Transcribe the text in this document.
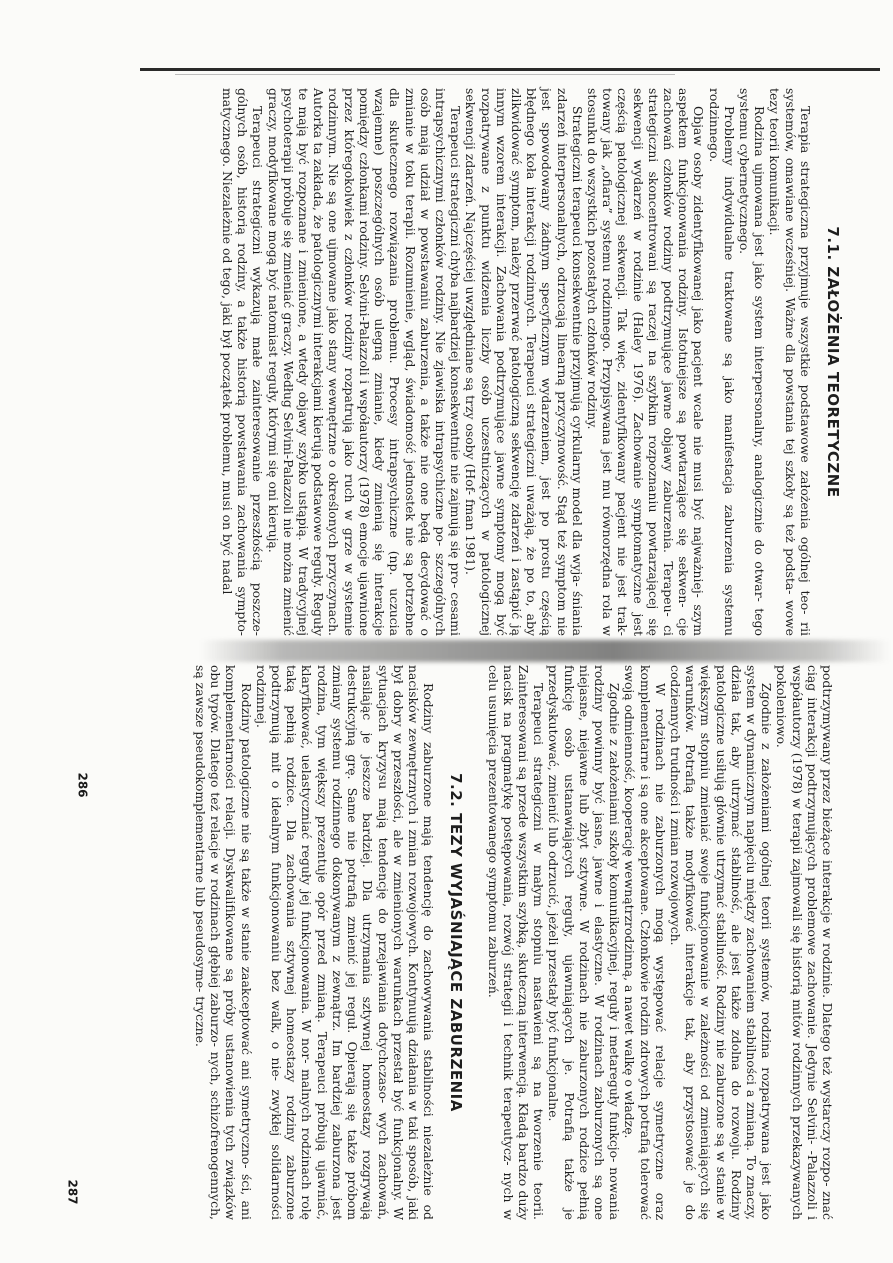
7.1. ZAŁOŻENIA TEORETYCZNE

Terapia strategiczna przyjmuje wszystkie podstawowe założenia ogólnej teo- rii systemów, omawiane wcześniej. Ważne dla powstania tej szkoły są też podsta- wowe tezy teorii komunikacji.

Rodzina ujmowana jest jako system interpersonalny, analogicznie do otwar- tego systemu cybernetycznego.

Problemy indywidualne traktowane są jako manifestacja zaburzenia systemu rodzinnego.

Objaw osoby zidentyfikowanej jako pacjent wcale nie musi być najważniej- szym aspektem funkcjonowania rodziny. Istotniejsze są powtarzające się sekwen- cje zachowań członków rodziny podtrzymujące jawne objawy zaburzenia. Terapeu- ci strategiczni skoncentrowani są raczej na szybkim rozpoznaniu powtarzającej się sekwencji wydarzeń w rodzinie (Haley 1976). Zachowanie symptomatyczne jest częścią patologicznej sekwencji. Tak więc, zidentyfikowany pacjent nie jest trak- towany jak „ofiara” systemu rodzinnego. Przypisywana jest mu równorzędna rola w stosunku do wszystkich pozostałych członków rodziny.

Strategiczni terapeuci konsekwentnie przyjmują cyrkularny model dla wyja- śniania zdarzeń interpersonalnych, odrzucają linearną przyczynowość. Stąd też symptom nie jest spowodowany żadnym specyficznym wydarzeniem, jest po prostu częścią błędnego koła interakcji rodzinnych. Terapeuci strategiczni uważają, że po to, aby zlikwidować symptom, należy przerwać patologiczną sekwencję zdarzeń i zastąpić ją innym wzorem interakcji. Zachowania podtrzymujące jawne symptomy mogą być rozpatrywane z punktu widzenia liczby osób uczestniczących w patologicznej sekwencji zdarzeń. Najczęściej uwzględniane są trzy osoby (Hof- fman 1981).

Terapeuci strategiczni chyba najbardziej konsekwentnie nie zajmują się pro- cesami intrapsychicznymi członków rodziny. Nie zjawiska intrapsychiczne po- szczególnych osób mają udział w powstawaniu zaburzenia, a także nie one będą decydować o zmianie w toku terapii. Rozumienie, wgląd, świadomość jednostek nie są potrzebne dla skutecznego rozwiązania problemu. Procesy intrapsychiczne (np. uczucia wzajemne) poszczególnych osób ulegną zmianie, kiedy zmienią się interakcje pomiędzy członkami rodziny. Selvini-Palazzoli i współautorzy (1978) emocje ujawnione przez któregokolwiek z członków rodziny rozpatrują jako ruch w grze w systemie rodzinnym. Nie są one ujmowane jako stany wewnętrzne o określonych przyczynach. Autorka ta zakłada, że patologicznymi interakcjami kierują podstawowe reguły. Reguły te mają być rozpoznane i zmienione, a wtedy objawy szybko ustąpią. W tradycyjnej psychoterapii próbuje się zmieniać graczy. Według Selvini-Palazzoli nie można zmienić graczy, modyfikowane mogą być natomiast reguły, którymi się oni kierują.

Terapeuci strategiczni wykazują małe zainteresowanie przeszłością poszcze- gólnych osób, historią rodziny, a także historią powstawania zachowania sympto- matycznego. Niezależnie od tego, jaki był początek problemu, musi on być nadal

286	podtrzymywany przez bieżące interakcje w rodzinie. Dlatego też wystarczy rozpo- znać ciąg interakcji podtrzymujących problemowe zachowanie. Jedynie Selvini- -Palazzoli i współautorzy (1978) w terapii zajmowali się historią mitów rodzinnych przekazywanych pokoleniowo.

Zgodnie z założeniami ogólnej teorii systemów, rodzina rozpatrywana jest jako system w dynamicznym napięciu między zachowaniem stabilności a zmianą. To znaczy, działa tak, aby utrzymać stabilność, ale jest także zdolna do rozwoju. Rodziny patologiczne usiłują głównie utrzymać stabilność. Rodziny nie zaburzone są w stanie w większym stopniu zmieniać swoje funkcjonowanie w zależności od zmieniających się warunków. Potrafią także modyfikować interakcje tak, aby przystosować je do codziennych trudności i zmian rozwojowych.

W rodzinach nie zaburzonych mogą występować relacje symetryczne oraz komplementarne i są one akceptowane. Członkowie rodzin zdrowych potrafią tolerować swoją odmienność, kooperację wewnątrzrodzinną, a nawet walkę o władzę.

Zgodnie z założeniami szkoły komunikacyjnej, reguły i metareguły funkcjo- nowania rodziny powinny być jasne, jawne i elastyczne. W rodzinach zaburzonych są one niejasne, niejawne lub zbyt sztywne. W rodzinach nie zaburzonych rodzice pełnią funkcję osób ustanawiających reguły, ujawniających je. Potrafią także je przedyskutować, zmienić lub odrzucić, jeżeli przestały być funkcjonalne.

Terapeuci strategiczni w małym stopniu nastawieni są na tworzenie teorii. Zainteresowani są przede wszystkim szybką, skuteczną interwencją. Kładą bardzo duży nacisk na pragmatykę postępowania, rozwój strategii i technik terapeutycz- nych w celu usunięcia prezentowanego symptomu zaburzeń.

7.2. TEZY WYJAŚNIAJĄCE ZABURZENIA

Rodziny zaburzone mają tendencję do zachowywania stabilności niezależnie od nacisków zewnętrznych i zmian rozwojowych. Kontynuują działania w taki sposób, jaki był dobry w przeszłości, ale w zmienionych warunkach przestał być funkcjonalny. W sytuacjach kryzysu mają tendencję do przejawiania dotychczaso- wych zachowań, nasilając je jeszcze bardziej. Dla utrzymania sztywnej homeostazy rozgrywają destrukcyjną grę. Same nie potrafią zmienić jej reguł. Opierają się także próbom zmiany systemu rodzinnego dokonywanym z zewnątrz. Im bardziej zaburzona jest rodzina, tym większy prezentuje opór przed zmianą. Terapeuci próbują ujawniać, klaryfikować, uelastyczniać reguły jej funkcjonowania. W nor- malnych rodzinach rolę taką pełnią rodzice. Dla zachowania sztywnej homeostazy rodziny zaburzone podtrzymują mit o idealnym funkcjonowaniu bez walk, o nie- zwykłej solidarności rodzinnej.

Rodziny patologiczne nie są także w stanie zaakceptować ani symetryczno- ści, ani komplementarności relacji. Dyskwalifikowane są próby ustanowienia tych związków obu typów. Dlatego też relacje w rodzinach głębiej zaburzo- nych, schizofrenogennych, są zawsze pseudokomplementarne lub pseudosyme- tryczne.

287
